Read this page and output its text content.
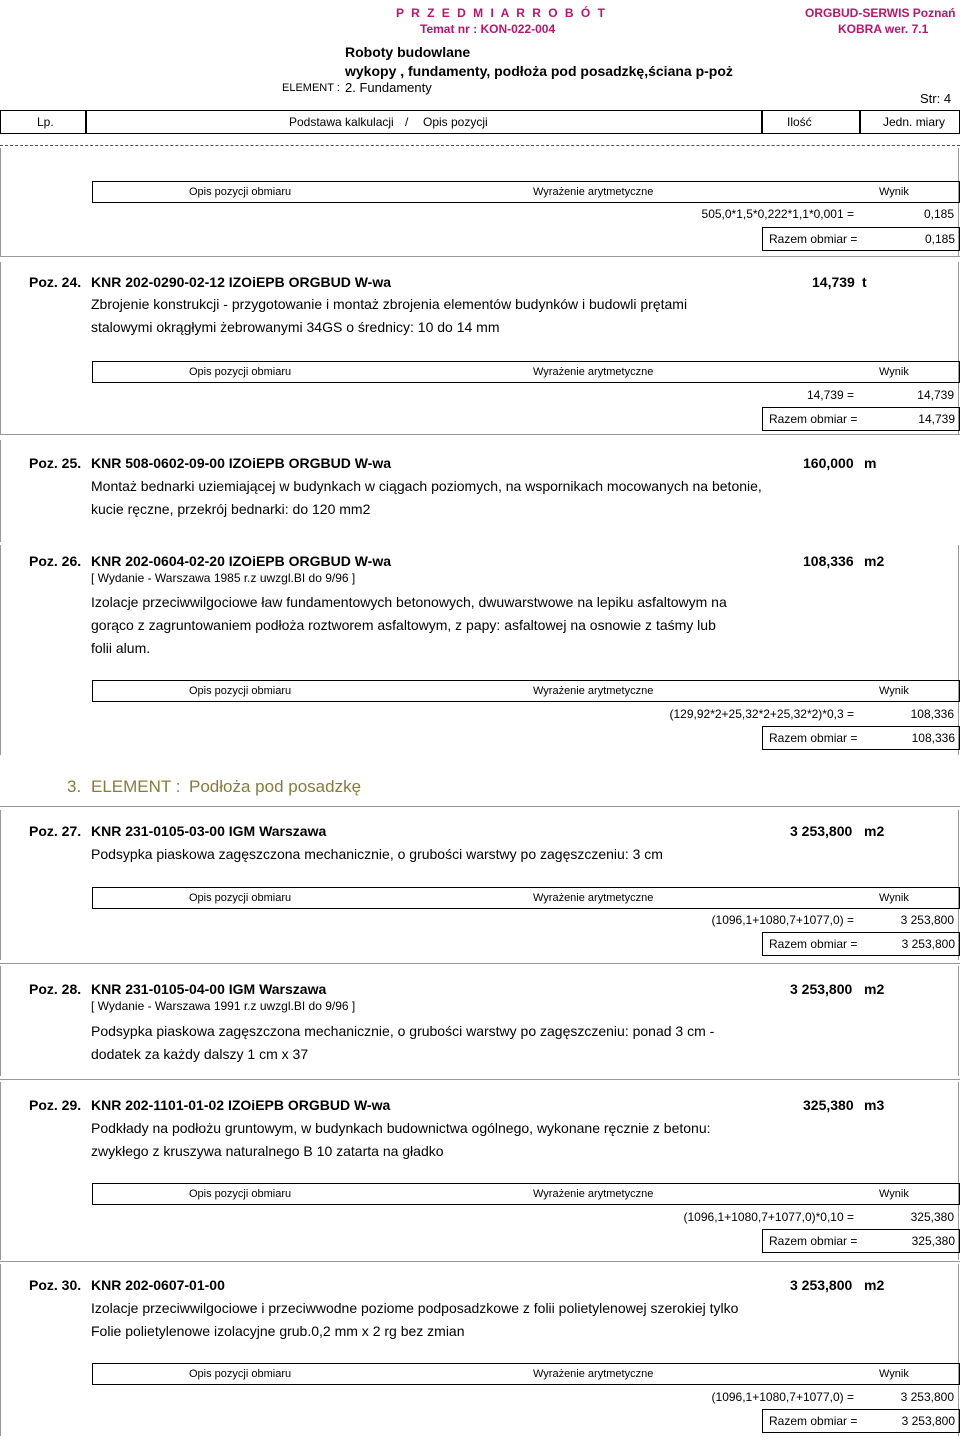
P R Z E D M I A R R O B Ó T
Temat nr : KON-022-004
ORGBUD-SERWIS Poznań
KOBRA wer. 7.1
Roboty budowlane
wykopy , fundamenty, podłoża pod posadzkę,ściana p-poż
ELEMENT : 2. Fundamenty
Str: 4
Lp.	Podstawa kalkulacji / Opis pozycji	Ilość	Jedn. miary
Opis pozycji obmiaru	Wyrażenie arytmetyczne	Wynik
505,0*1,5*0,222*1,1*0,001 =	0,185
Razem obmiar =	0,185
Poz. 24. KNR 202-0290-02-12 IZOiEPB ORGBUD W-wa	14,739 t
Zbrojenie konstrukcji - przygotowanie i montaż zbrojenia elementów budynków i budowli prętami
stalowymi okrągłymi żebrowanymi 34GS o średnicy: 10 do 14 mm
Opis pozycji obmiaru	Wyrażenie arytmetyczne	Wynik
14,739 =	14,739
Razem obmiar =	14,739
Poz. 25. KNR 508-0602-09-00 IZOiEPB ORGBUD W-wa	160,000 m
Montaż bednarki uziemiającej w budynkach w ciągach poziomych, na wspornikach mocowanych na betonie,
kucie ręczne, przekrój bednarki: do 120 mm2
Poz. 26. KNR 202-0604-02-20 IZOiEPB ORGBUD W-wa	108,336 m2
[ Wydanie - Warszawa 1985 r.z uwzgl.BI do 9/96 ]
Izolacje przeciwwilgociowe ław fundamentowych betonowych, dwuwarstwowe na lepiku asfaltowym na
gorąco z zagruntowaniem podłoża roztworem asfaltowym, z papy: asfaltowej na osnowie z taśmy lub
folii alum.
Opis pozycji obmiaru	Wyrażenie arytmetyczne	Wynik
(129,92*2+25,32*2+25,32*2)*0,3 =	108,336
Razem obmiar =	108,336
3. ELEMENT : Podłoża pod posadzkę
Poz. 27. KNR 231-0105-03-00 IGM Warszawa	3 253,800 m2
Podsypka piaskowa zagęszczona mechanicznie, o grubości warstwy po zagęszczeniu: 3 cm
Opis pozycji obmiaru	Wyrażenie arytmetyczne	Wynik
(1096,1+1080,7+1077,0) =	3 253,800
Razem obmiar =	3 253,800
Poz. 28. KNR 231-0105-04-00 IGM Warszawa	3 253,800 m2
[ Wydanie - Warszawa 1991 r.z uwzgl.BI do 9/96 ]
Podsypka piaskowa zagęszczona mechanicznie, o grubości warstwy po zagęszczeniu: ponad 3 cm -
dodatek za każdy dalszy 1 cm x 37
Poz. 29. KNR 202-1101-01-02 IZOiEPB ORGBUD W-wa	325,380 m3
Podkłady na podłożu gruntowym, w budynkach budownictwa ogólnego, wykonane ręcznie z betonu:
zwykłego z kruszywa naturalnego B 10 zatarta na gładko
Opis pozycji obmiaru	Wyrażenie arytmetyczne	Wynik
(1096,1+1080,7+1077,0)*0,10 =	325,380
Razem obmiar =	325,380
Poz. 30. KNR 202-0607-01-00	3 253,800 m2
Izolacje przeciwwilgociowe i przeciwwodne poziome podposadzkowe z folii polietylenowej szerokiej tylko
Folie polietylenowe izolacyjne grub.0,2 mm x 2 rg bez zmian
Opis pozycji obmiaru	Wyrażenie arytmetyczne	Wynik
(1096,1+1080,7+1077,0) =	3 253,800
Razem obmiar =	3 253,800
